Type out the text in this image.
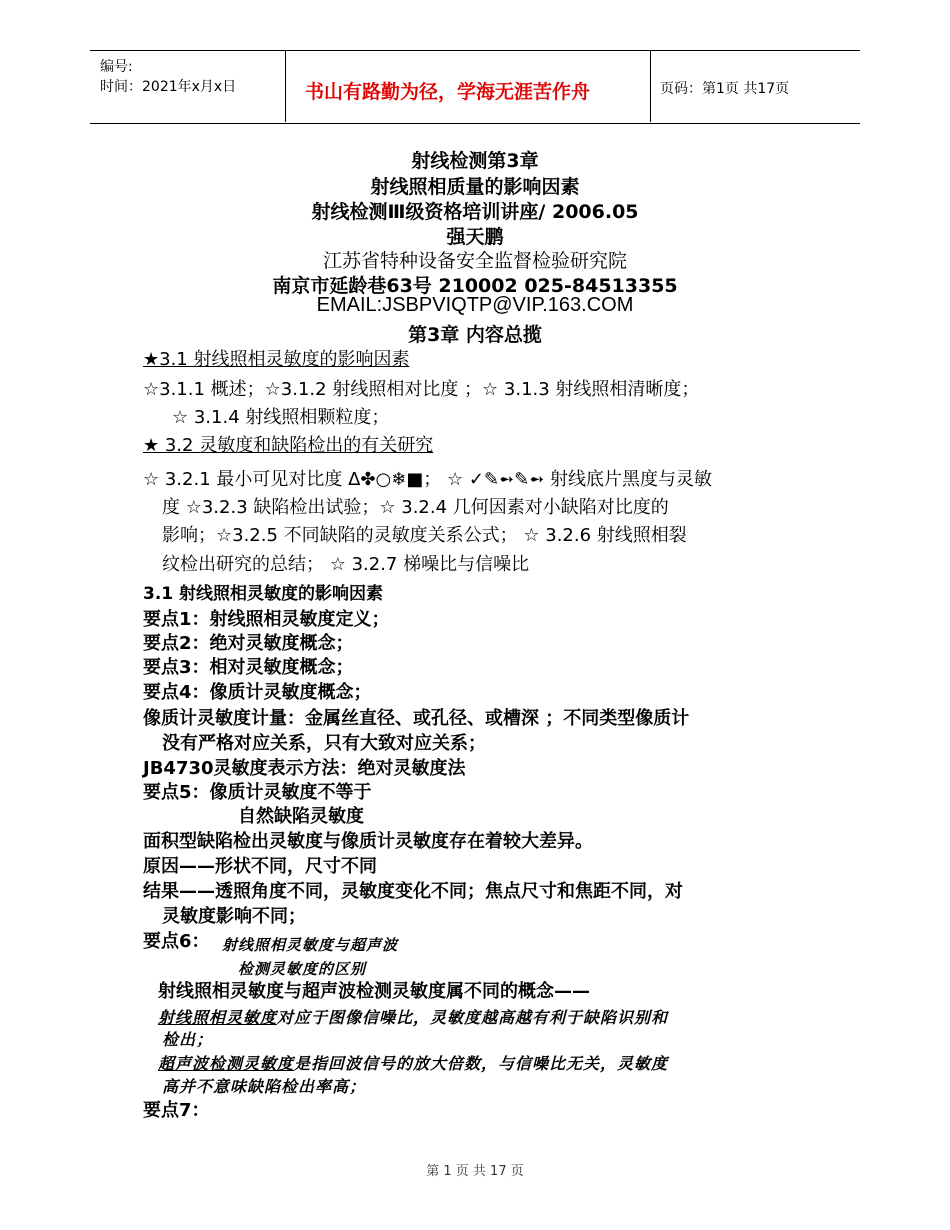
编号:
时间：2021年x月x日	书山有路勤为径，学海无涯苦作舟	页码：第1页 共17页
射线检测第3章
射线照相质量的影响因素
射线检测Ⅲ级资格培训讲座/ 2006.05
强天鹏
江苏省特种设备安全监督检验研究院
南京市延龄巷63号 210002 025-84513355
EMAIL:JSBPVIQTP@VIP.163.COM
第3章 内容总揽
★3.1 射线照相灵敏度的影响因素
☆3.1.1 概述；☆3.1.2 射线照相对比度 ；☆ 3.1.3 射线照相清晰度；
☆ 3.1.4 射线照相颗粒度；
★ 3.2 灵敏度和缺陷检出的有关研究
☆ 3.2.1 最小可见对比度 Δ✤○❄■； ☆ ✓✎➻✎➻ 射线底片黑度与灵敏
度 ☆3.2.3 缺陷检出试验；☆ 3.2.4 几何因素对小缺陷对比度的
影响；☆3.2.5 不同缺陷的灵敏度关系公式； ☆ 3.2.6 射线照相裂
纹检出研究的总结； ☆ 3.2.7 梯噪比与信噪比
3.1 射线照相灵敏度的影响因素
要点1：射线照相灵敏度定义；
要点2：绝对灵敏度概念；
要点3：相对灵敏度概念；
要点4：像质计灵敏度概念；
像质计灵敏度计量：金属丝直径、或孔径、或槽深 ；不同类型像质计
没有严格对应关系，只有大致对应关系；
JB4730灵敏度表示方法：绝对灵敏度法
要点5：像质计灵敏度不等于
自然缺陷灵敏度
面积型缺陷检出灵敏度与像质计灵敏度存在着较大差异。
原因——形状不同，尺寸不同
结果——透照角度不同，灵敏度变化不同；焦点尺寸和焦距不同，对
灵敏度影响不同；
要点6： 射线照相灵敏度与超声波
检测灵敏度的区别
射线照相灵敏度与超声波检测灵敏度属不同的概念——
射线照相灵敏度对应于图像信噪比，灵敏度越高越有利于缺陷识别和
检出；
超声波检测灵敏度是指回波信号的放大倍数，与信噪比无关，灵敏度
高并不意味缺陷检出率高；
要点7：
第 1 页 共 17 页
